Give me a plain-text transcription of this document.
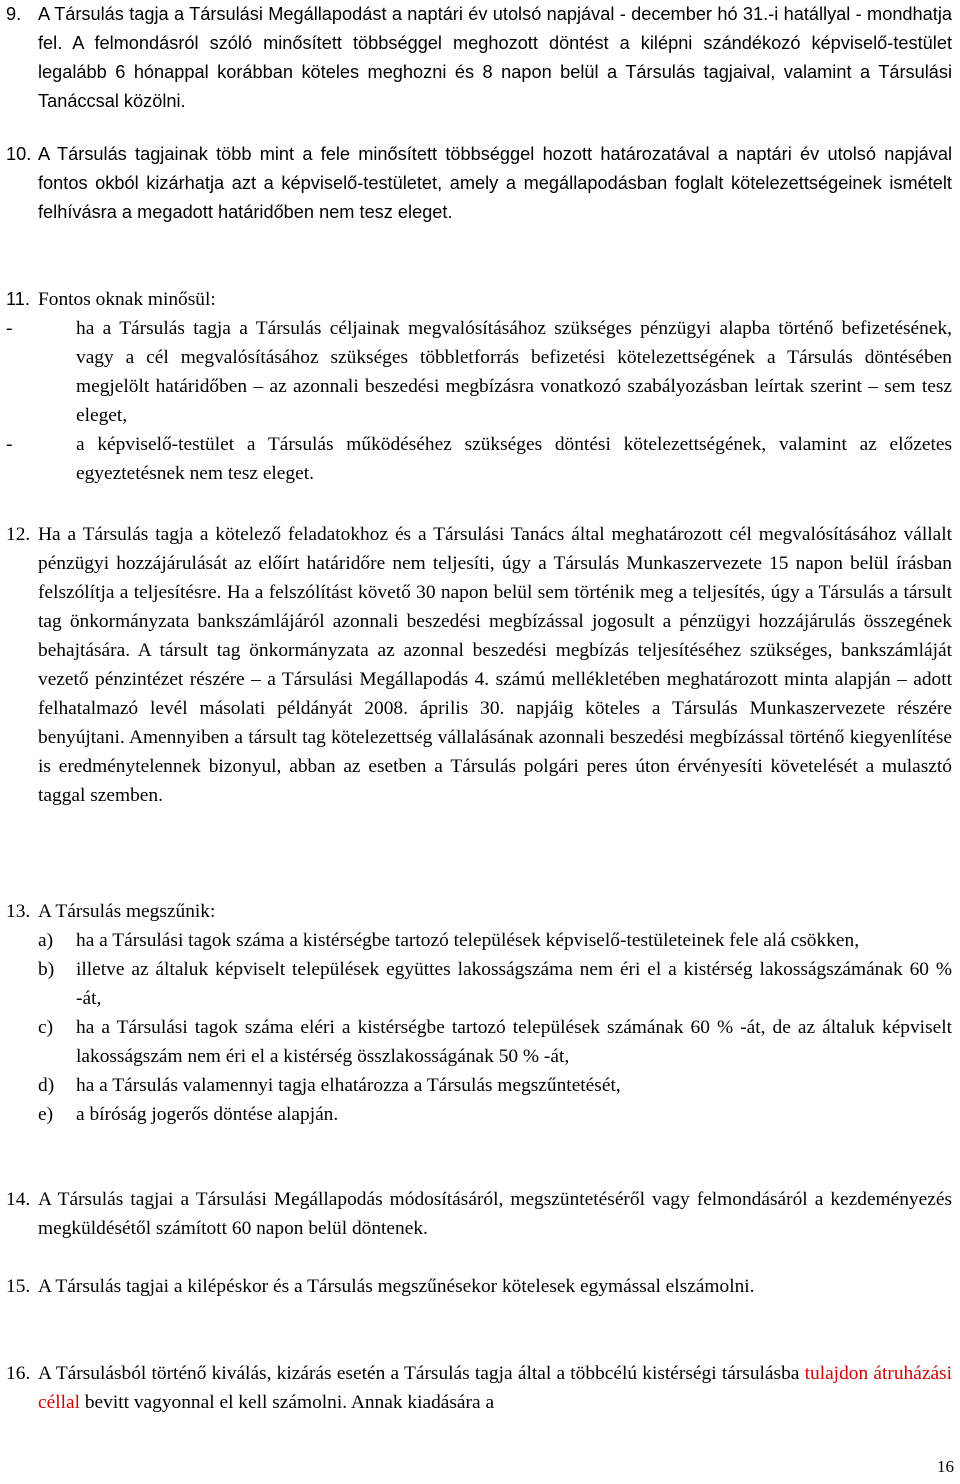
9. A Társulás tagja a Társulási Megállapodást a naptári év utolsó napjával - december hó 31.-i hatállyal - mondhatja fel. A felmondásról szóló minősített többséggel meghozott döntést a kilépni szándékozó képviselő-testület legalább 6 hónappal korábban köteles meghozni és 8 napon belül a Társulás tagjaival, valamint a Társulási Tanáccsal közölni.
10. A Társulás tagjainak több mint a fele minősített többséggel hozott határozatával a naptári év utolsó napjával fontos okból kizárhatja azt a képviselő-testületet, amely a megállapodásban foglalt kötelezettségeinek ismételt felhívásra a megadott határidőben nem tesz eleget.
11. Fontos oknak minősül:
-	ha a Társulás tagja a Társulás céljainak megvalósításához szükséges pénzügyi alapba történő befizetésének, vagy a cél megvalósításához szükséges többletforrás befizetési kötelezettségének a Társulás döntésében megjelölt határidőben – az azonnali beszedési megbízásra vonatkozó szabályozásban leírtak szerint – sem tesz eleget,
-	a képviselő-testület a Társulás működéséhez szükséges döntési kötelezettségének, valamint az előzetes egyeztetésnek nem tesz eleget.
12. Ha a Társulás tagja a kötelező feladatokhoz és a Társulási Tanács által meghatározott cél megvalósításához vállalt pénzügyi hozzájárulását az előírt határidőre nem teljesíti, úgy a Társulás Munkaszervezete 15 napon belül írásban felszólítja a teljesítésre. Ha a felszólítást követő 30 napon belül sem történik meg a teljesítés, úgy a Társulás a társult tag önkormányzata bankszámlájáról azonnali beszedési megbízással jogosult a pénzügyi hozzájárulás összegének behajtására. A társult tag önkormányzata az azonnal beszedési megbízás teljesítéséhez szükséges, bankszámláját vezető pénzintézet részére – a Társulási Megállapodás 4. számú mellékletében meghatározott minta alapján – adott felhatalmazó levél másolati példányát 2008. április 30. napjáig köteles a Társulás Munkaszervezete részére benyújtani. Amennyiben a társult tag kötelezettség vállalásának azonnali beszedési megbízással történő kiegyenlítése is eredménytelennek bizonyul, abban az esetben a Társulás polgári peres úton érvényesíti követelését a mulasztó taggal szemben.
13. A Társulás megszűnik:
a) ha a Társulási tagok száma a kistérségbe tartozó települések képviselő-testületeinek fele alá csökken,
b) illetve az általuk képviselt települések együttes lakosságszáma nem éri el a kistérség lakosságszámának 60 % -át,
c) ha a Társulási tagok száma eléri a kistérségbe tartozó települések számának 60 % -át, de az általuk képviselt lakosságszám nem éri el a kistérség összlakosságának 50 % -át,
d) ha a Társulás valamennyi tagja elhatározza a Társulás megszűntetését,
e) a bíróság jogerős döntése alapján.
14. A Társulás tagjai a Társulási Megállapodás módosításáról, megszüntetéséről vagy felmondásáról a kezdeményezés megküldésétől számított 60 napon belül döntenek.
15. A Társulás tagjai a kilépéskor és a Társulás megszűnésekor kötelesek egymással elszámolni.
16. A Társulásból történő kiválás, kizárás esetén a Társulás tagja által a többcélú kistérségi társulásba tulajdon átruházási céllal bevitt vagyonnal el kell számolni. Annak kiadására a
16
